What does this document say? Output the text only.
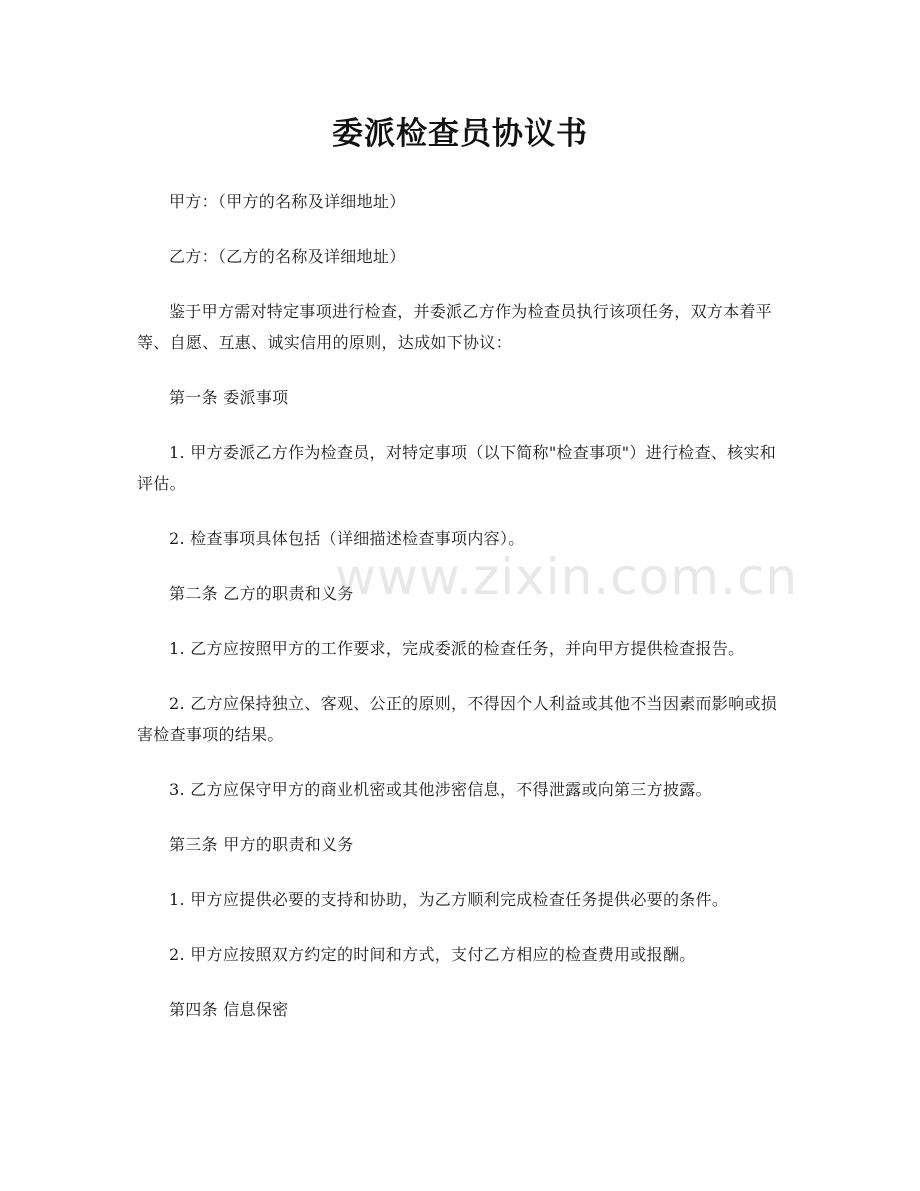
委派检查员协议书

甲方：（甲方的名称及详细地址）

乙方：（乙方的名称及详细地址）

鉴于甲方需对特定事项进行检查，并委派乙方作为检查员执行该项任务，双方本着平等、自愿、互惠、诚实信用的原则，达成如下协议：

第一条 委派事项

1. 甲方委派乙方作为检查员，对特定事项（以下简称"检查事项"）进行检查、核实和评估。

2. 检查事项具体包括（详细描述检查事项内容）。

第二条 乙方的职责和义务

1. 乙方应按照甲方的工作要求，完成委派的检查任务，并向甲方提供检查报告。

2. 乙方应保持独立、客观、公正的原则，不得因个人利益或其他不当因素而影响或损害检查事项的结果。

3. 乙方应保守甲方的商业机密或其他涉密信息，不得泄露或向第三方披露。

第三条 甲方的职责和义务

1. 甲方应提供必要的支持和协助，为乙方顺利完成检查任务提供必要的条件。

2. 甲方应按照双方约定的时间和方式，支付乙方相应的检查费用或报酬。

第四条 信息保密

www.zixin.com.cn
